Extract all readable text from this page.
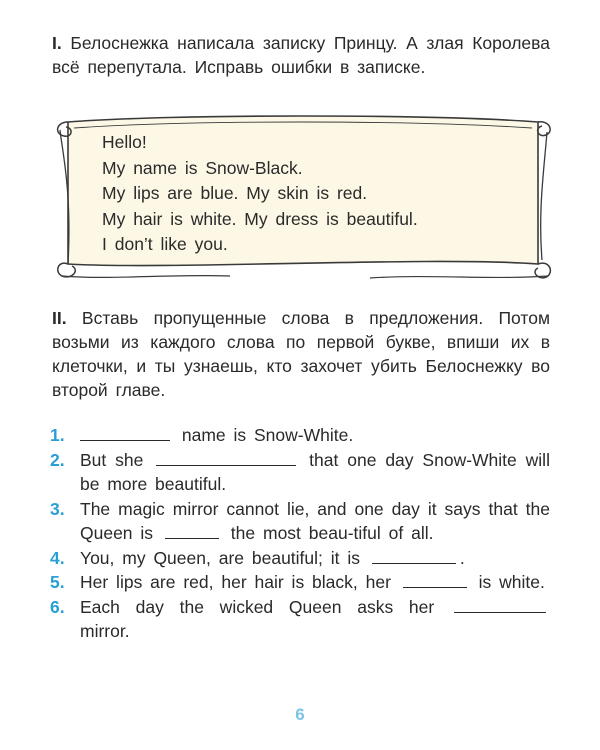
I. Белоснежка написала записку Принцу. А злая Королева всё перепутала. Исправь ошибки в записке.
Hello!
My name is Snow-Black.
My lips are blue. My skin is red.
My hair is white. My dress is beautiful.
I don’t like you.
II. Вставь пропущенные слова в предложения. Потом возьми из каждого слова по первой букве, впиши их в клеточки, и ты узнаешь, кто захочет убить Белоснежку во второй главе.
1.	name is Snow-White.
2. But she	that one day Snow-White will be more beautiful.
3. The magic mirror cannot lie, and one day it says that the Queen is	the most beau-tiful of all.
4. You, my Queen, are beautiful; it is	.
5. Her lips are red, her hair is black, her	is white.
6. Each day the wicked Queen asks her  mirror.
6
